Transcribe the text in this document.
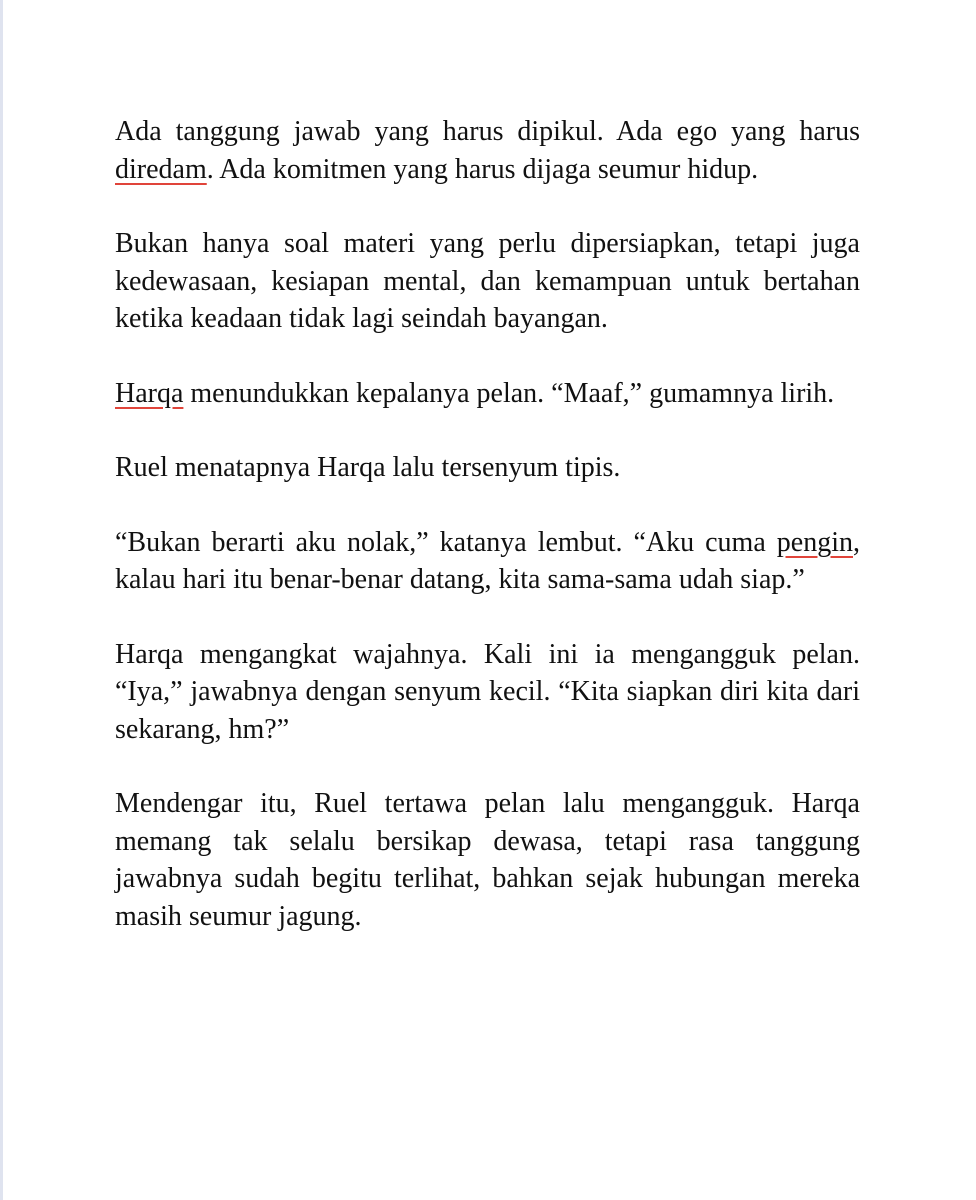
Ada tanggung jawab yang harus dipikul. Ada ego yang harus diredam. Ada komitmen yang harus dijaga seumur hidup.

Bukan hanya soal materi yang perlu dipersiapkan, tetapi juga kedewasaan, kesiapan mental, dan kemampuan untuk bertahan ketika keadaan tidak lagi seindah bayangan.

Harqa menundukkan kepalanya pelan. “Maaf,” gumamnya lirih.

Ruel menatapnya Harqa lalu tersenyum tipis.

“Bukan berarti aku nolak,” katanya lembut. “Aku cuma pengin, kalau hari itu benar-benar datang, kita sama-sama udah siap.”

Harqa mengangkat wajahnya. Kali ini ia mengangguk pelan. “Iya,” jawabnya dengan senyum kecil. “Kita siapkan diri kita dari sekarang, hm?”

Mendengar itu, Ruel tertawa pelan lalu mengangguk. Harqa memang tak selalu bersikap dewasa, tetapi rasa tanggung jawabnya sudah begitu terlihat, bahkan sejak hubungan mereka masih seumur jagung.
